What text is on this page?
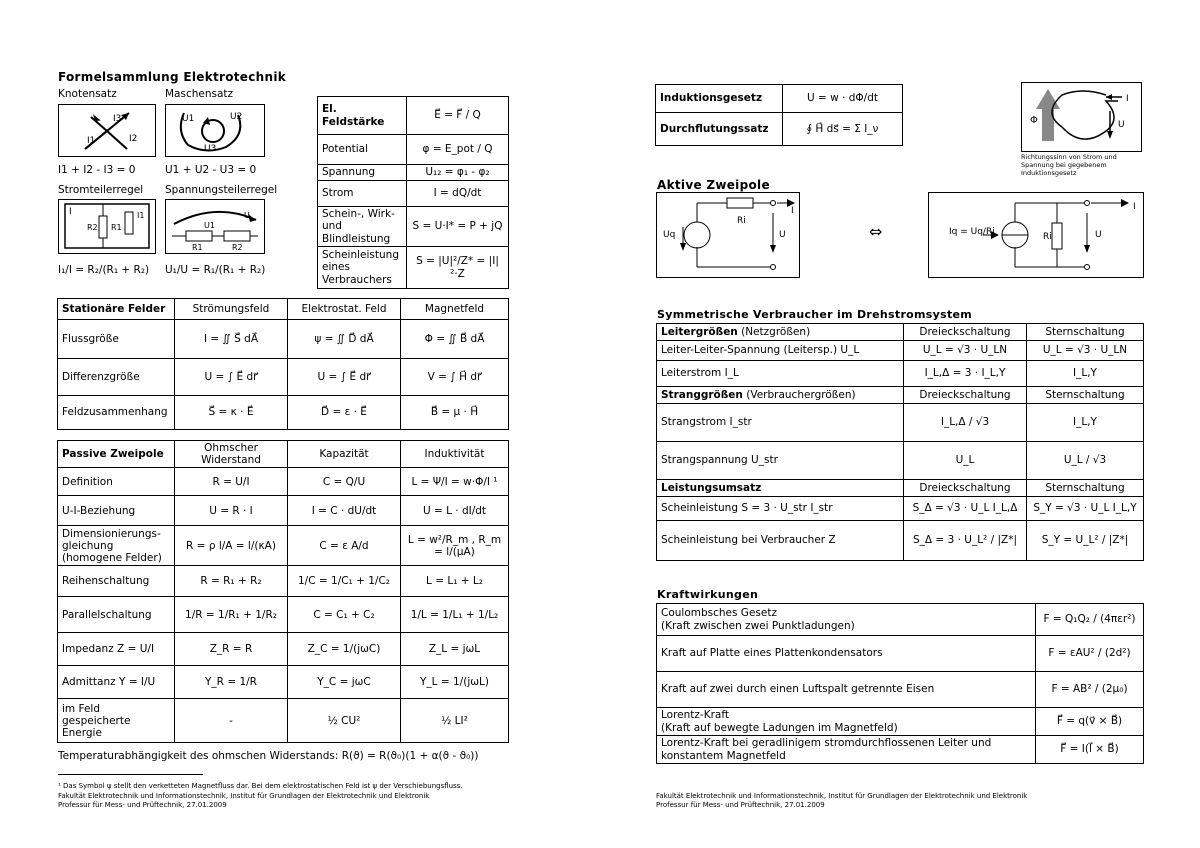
Formelsammlung Elektrotechnik
Knotensatz	Maschensatz
I3
I1	I2
U1	U2
U3
I1 + I2 - I3 = 0	U1 + U2 - U3 = 0
Stromteilerregel Spannungsteilerregel
I
R2 R1
I1
U1
U
R1	R2
I₁/I = R₂/(R₁ + R₂) U₁/U = R₁/(R₁ + R₂)
El. Feldstärke	E⃗ = F⃗ / Q
Potential	φ = E_pot / Q
Spannung	U₁₂ = φ₁ - φ₂
Strom	I = dQ/dt
Schein-, Wirk- und Blindleistung	S = U·I* = P + jQ
Scheinleistung eines Verbrauchers	S = |U|²/Z* = |I|²·Z
Stationäre Felder	Strömungsfeld	Elektrostat. Feld	Magnetfeld
Flussgröße	I = ∬ S⃗ dA⃗	ψ = ∬ D⃗ dA⃗	Φ = ∬ B⃗ dA⃗
Differenzgröße	U = ∫ E⃗ dr⃗	U = ∫ E⃗ dr⃗	V = ∫ H⃗ dr⃗
Feldzusammenhang	S⃗ = κ · E⃗	D⃗ = ε · E⃗	B⃗ = μ · H⃗
Passive Zweipole	Ohmscher Widerstand	Kapazität	Induktivität
Definition	R = U/I	C = Q/U	L = Ψ/I = w·Φ/I ¹
U-I-Beziehung	U = R · I	I = C · dU/dt	U = L · dI/dt
Dimensionierungs-gleichung (homogene Felder)	R = ρ l/A = l/(κA)	C = ε A/d	L = w²/R_m , R_m = l/(μA)
Reihenschaltung	R = R₁ + R₂	1/C = 1/C₁ + 1/C₂	L = L₁ + L₂
Parallelschaltung	1/R = 1/R₁ + 1/R₂	C = C₁ + C₂	1/L = 1/L₁ + 1/L₂
Impedanz Z = U/I	Z_R = R	Z_C = 1/(jωC)	Z_L = jωL
Admittanz Y = I/U	Y_R = 1/R	Y_C = jωC	Y_L = 1/(jωL)
im Feld gespeicherte Energie	-	½ CU²	½ LI²
Temperaturabhängigkeit des ohmschen Widerstands: R(ϑ) = R(ϑ₀)(1 + α(ϑ - ϑ₀))
¹ Das Symbol ψ stellt den verketteten Magnetfluss dar. Bei dem elektrostatischen Feld ist ψ der Verschiebungsfluss.
Fakultät Elektrotechnik und Informationstechnik, Institut für Grundlagen der Elektrotechnik und Elektronik
Professur für Mess- und Prüftechnik, 27.01.2009
Induktionsgesetz	U = w · dΦ/dt
Durchflutungssatz	∮ H⃗ ds⃗ = Σ I_ν
Φ
I
U
Richtungssinn von Strom und Spannung bei gegebenem Induktionsgesetz
Aktive Zweipole
Uq
Ri
U
I
⇔	Ri	U
I
Iq = Uq/Ri
Symmetrische Verbraucher im Drehstromsystem
Leitergrößen (Netzgrößen)	Dreieckschaltung	Sternschaltung
Leiter-Leiter-Spannung (Leitersp.) U_L	U_L = √3 · U_LN	U_L = √3 · U_LN
Leiterstrom I_L	I_L,Δ = 3 · I_L,Y	I_L,Y
Stranggrößen (Verbrauchergrößen)	Dreieckschaltung	Sternschaltung
Strangstrom I_str	I_L,Δ / √3	I_L,Y
Strangspannung U_str	U_L	U_L / √3
Leistungsumsatz	Dreieckschaltung	Sternschaltung
Scheinleistung S = 3 · U_str I_str	S_Δ = √3 · U_L I_L,Δ	S_Y = √3 · U_L I_L,Y
Scheinleistung bei Verbraucher Z	S_Δ = 3 · U_L² / |Z*|	S_Y = U_L² / |Z*|
Kraftwirkungen
Coulombsches Gesetz
(Kraft zwischen zwei Punktladungen)	F = Q₁Q₂ / (4πεr²)
Kraft auf Platte eines Plattenkondensators	F = εAU² / (2d²)
Kraft auf zwei durch einen Luftspalt getrennte Eisen	F = AB² / (2μ₀)
Lorentz-Kraft
(Kraft auf bewegte Ladungen im Magnetfeld)	F⃗ = q(v⃗ × B⃗)
Lorentz-Kraft bei geradlinigem stromdurchflossenen Leiter und konstantem Magnetfeld	F⃗ = I(l⃗ × B⃗)
Fakultät Elektrotechnik und Informationstechnik, Institut für Grundlagen der Elektrotechnik und Elektronik
Professur für Mess- und Prüftechnik, 27.01.2009
